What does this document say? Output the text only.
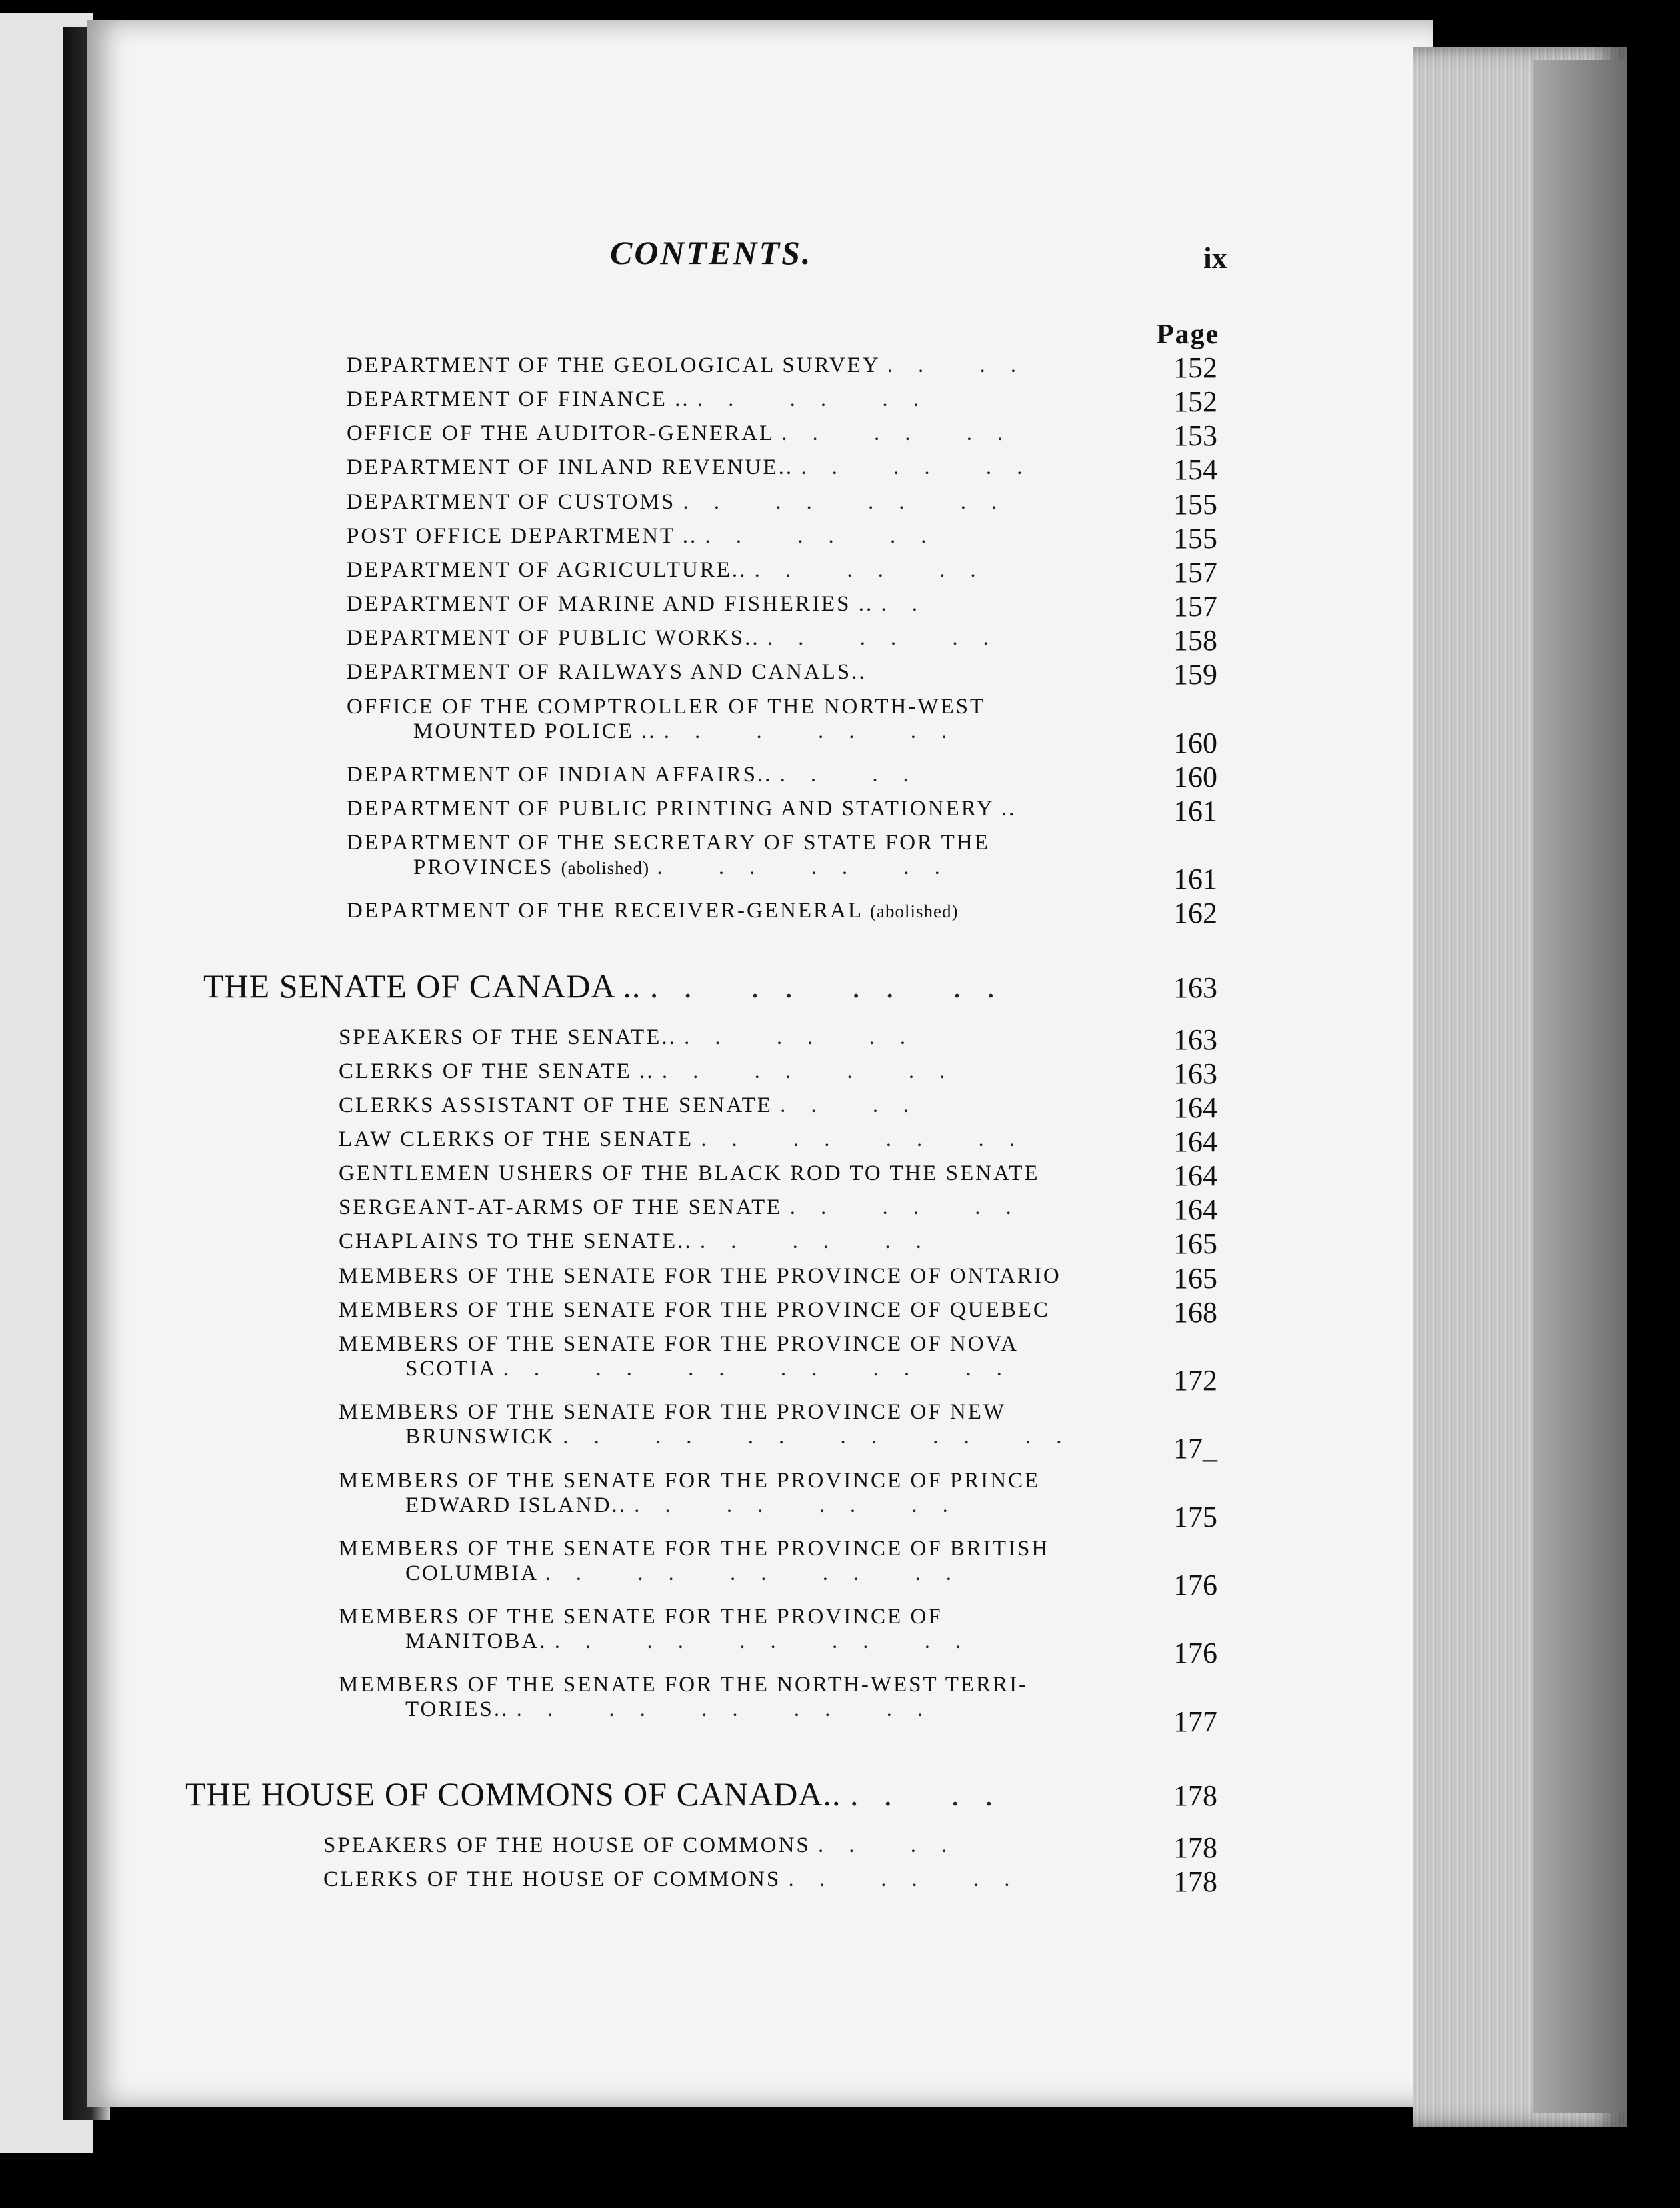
CONTENTS.	ix
Page
DEPARTMENT OF THE GEOLOGICAL SURVEY .. ..	152
DEPARTMENT OF FINANCE .. .. .. ..	152
OFFICE OF THE AUDITOR-GENERAL .. .. ..	153
DEPARTMENT OF INLAND REVENUE.. .. .. ..	154
DEPARTMENT OF CUSTOMS .. .. .. ..	155
POST OFFICE DEPARTMENT .. .. .. ..	155
DEPARTMENT OF AGRICULTURE.. .. .. ..	157
DEPARTMENT OF MARINE AND FISHERIES .. ..	157
DEPARTMENT OF PUBLIC WORKS.. .. .. ..	158
DEPARTMENT OF RAILWAYS AND CANALS..	159
OFFICE OF THE COMPTROLLER OF THE NORTH-WEST
MOUNTED POLICE .. .. . .. ..	160
DEPARTMENT OF INDIAN AFFAIRS.. .. ..	160
DEPARTMENT OF PUBLIC PRINTING AND STATIONERY ..	161
DEPARTMENT OF THE SECRETARY OF STATE FOR THE
PROVINCES (abolished) . .. .. ..	161
DEPARTMENT OF THE RECEIVER-GENERAL (abolished)	162
THE SENATE OF CANADA .. .. .. .. ..	163
SPEAKERS OF THE SENATE.. .. .. ..	163
CLERKS OF THE SENATE .. .. .. . ..	163
CLERKS ASSISTANT OF THE SENATE .. ..	164
LAW CLERKS OF THE SENATE .. .. .. ..	164
GENTLEMEN USHERS OF THE BLACK ROD TO THE SENATE	164
SERGEANT-AT-ARMS OF THE SENATE .. .. ..	164
CHAPLAINS TO THE SENATE.. .. .. ..	165
MEMBERS OF THE SENATE FOR THE PROVINCE OF ONTARIO	165
MEMBERS OF THE SENATE FOR THE PROVINCE OF QUEBEC	168
MEMBERS OF THE SENATE FOR THE PROVINCE OF NOVA
SCOTIA .. .. .. .. .. ..	172
MEMBERS OF THE SENATE FOR THE PROVINCE OF NEW
BRUNSWICK .. .. .. .. .. ..	17_
MEMBERS OF THE SENATE FOR THE PROVINCE OF PRINCE
EDWARD ISLAND.. .. .. .. ..	175
MEMBERS OF THE SENATE FOR THE PROVINCE OF BRITISH
COLUMBIA .. .. .. .. ..	176
MEMBERS OF THE SENATE FOR THE PROVINCE OF
MANITOBA. .. .. .. .. ..	176
MEMBERS OF THE SENATE FOR THE NORTH-WEST TERRI-
TORIES.. .. .. .. .. ..	177
THE HOUSE OF COMMONS OF CANADA.. .. ..	178
SPEAKERS OF THE HOUSE OF COMMONS .. ..	178
CLERKS OF THE HOUSE OF COMMONS .. .. ..	178
